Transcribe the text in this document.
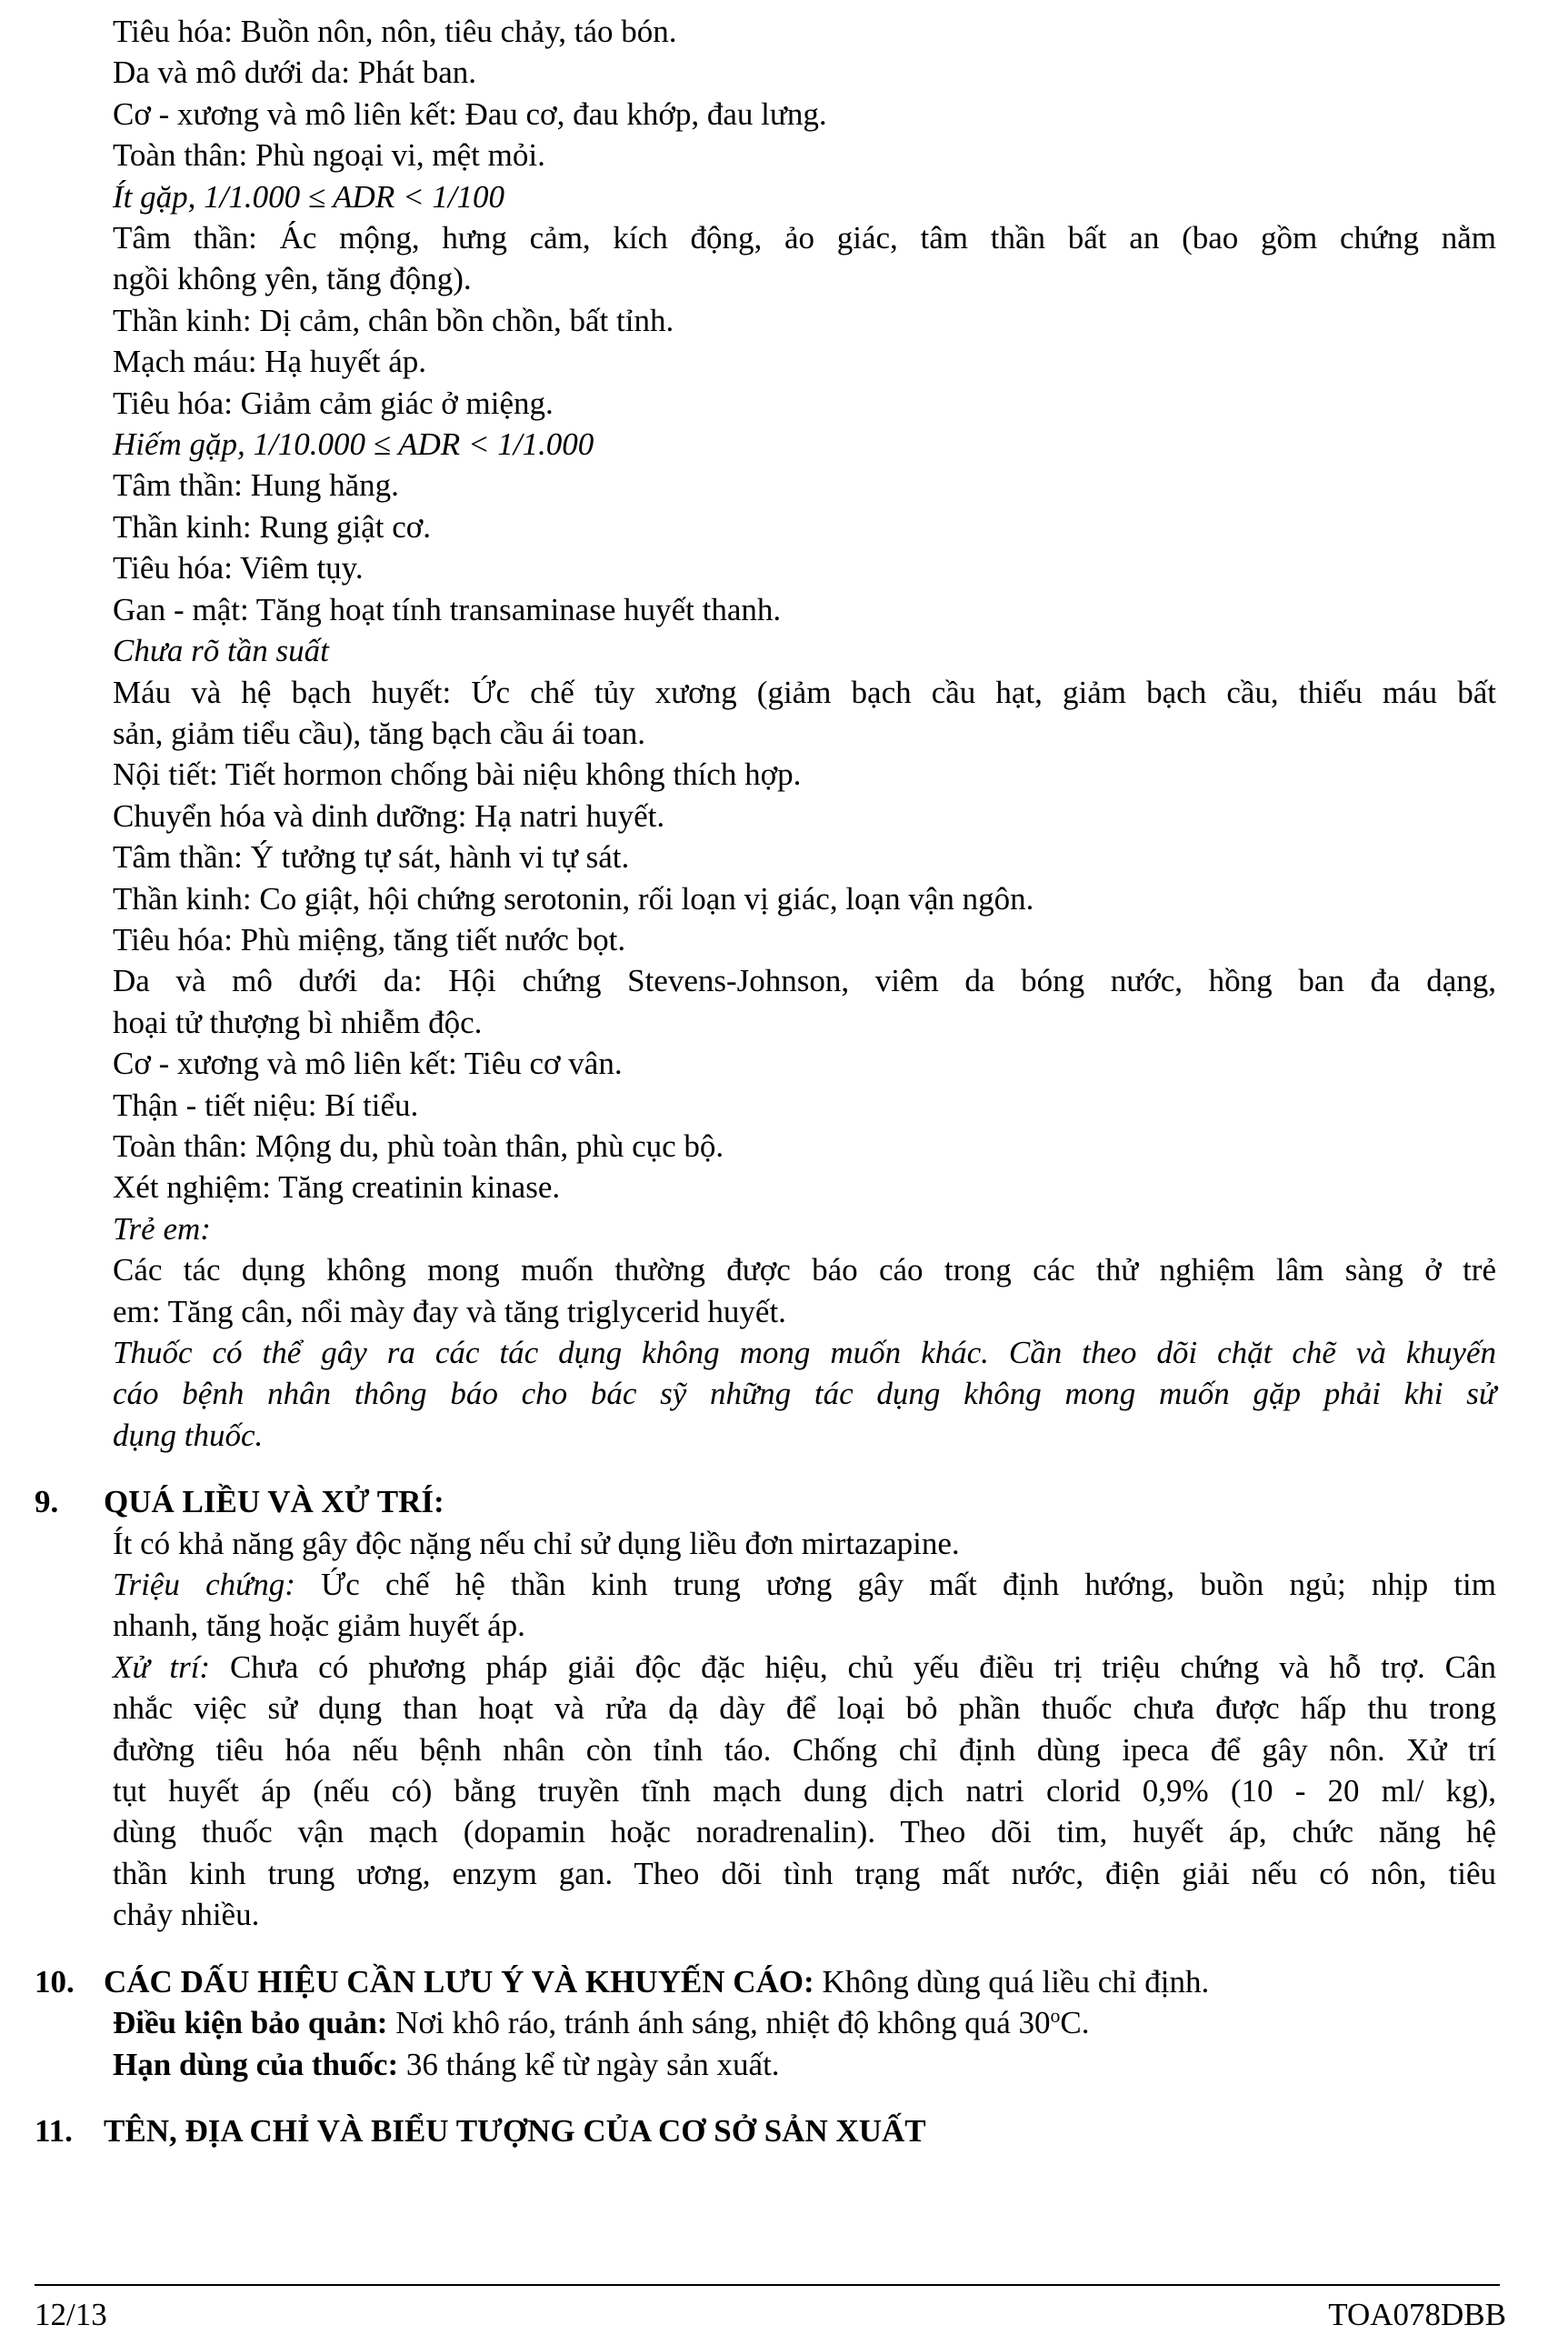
Tiêu hóa: Buồn nôn, nôn, tiêu chảy, táo bón.
Da và mô dưới da: Phát ban.
Cơ - xương và mô liên kết: Đau cơ, đau khớp, đau lưng.
Toàn thân: Phù ngoại vi, mệt mỏi.
Ít gặp, 1/1.000 ≤ ADR < 1/100
Tâm thần: Ác mộng, hưng cảm, kích động, ảo giác, tâm thần bất an (bao gồm chứng nằm
ngồi không yên, tăng động).
Thần kinh: Dị cảm, chân bồn chồn, bất tỉnh.
Mạch máu: Hạ huyết áp.
Tiêu hóa: Giảm cảm giác ở miệng.
Hiếm gặp, 1/10.000 ≤ ADR < 1/1.000
Tâm thần: Hung hăng.
Thần kinh: Rung giật cơ.
Tiêu hóa: Viêm tụy.
Gan - mật: Tăng hoạt tính transaminase huyết thanh.
Chưa rõ tần suất
Máu và hệ bạch huyết: Ức chế tủy xương (giảm bạch cầu hạt, giảm bạch cầu, thiếu máu bất
sản, giảm tiểu cầu), tăng bạch cầu ái toan.
Nội tiết: Tiết hormon chống bài niệu không thích hợp.
Chuyển hóa và dinh dưỡng: Hạ natri huyết.
Tâm thần: Ý tưởng tự sát, hành vi tự sát.
Thần kinh: Co giật, hội chứng serotonin, rối loạn vị giác, loạn vận ngôn.
Tiêu hóa: Phù miệng, tăng tiết nước bọt.
Da và mô dưới da: Hội chứng Stevens-Johnson, viêm da bóng nước, hồng ban đa dạng,
hoại tử thượng bì nhiễm độc.
Cơ - xương và mô liên kết: Tiêu cơ vân.
Thận - tiết niệu: Bí tiểu.
Toàn thân: Mộng du, phù toàn thân, phù cục bộ.
Xét nghiệm: Tăng creatinin kinase.
Trẻ em:
Các tác dụng không mong muốn thường được báo cáo trong các thử nghiệm lâm sàng ở trẻ
em: Tăng cân, nổi mày đay và tăng triglycerid huyết.
Thuốc có thể gây ra các tác dụng không mong muốn khác. Cần theo dõi chặt chẽ và khuyến
cáo bệnh nhân thông báo cho bác sỹ những tác dụng không mong muốn gặp phải khi sử
dụng thuốc.
9. QUÁ LIỀU VÀ XỬ TRÍ:
Ít có khả năng gây độc nặng nếu chỉ sử dụng liều đơn mirtazapine.
Triệu chứng: Ức chế hệ thần kinh trung ương gây mất định hướng, buồn ngủ; nhịp tim
nhanh, tăng hoặc giảm huyết áp.
Xử trí: Chưa có phương pháp giải độc đặc hiệu, chủ yếu điều trị triệu chứng và hỗ trợ. Cân
nhắc việc sử dụng than hoạt và rửa dạ dày để loại bỏ phần thuốc chưa được hấp thu trong
đường tiêu hóa nếu bệnh nhân còn tỉnh táo. Chống chỉ định dùng ipeca để gây nôn. Xử trí
tụt huyết áp (nếu có) bằng truyền tĩnh mạch dung dịch natri clorid 0,9% (10 - 20 ml/ kg),
dùng thuốc vận mạch (dopamin hoặc noradrenalin). Theo dõi tim, huyết áp, chức năng hệ
thần kinh trung ương, enzym gan. Theo dõi tình trạng mất nước, điện giải nếu có nôn, tiêu
chảy nhiều.
10. CÁC DẤU HIỆU CẦN LƯU Ý VÀ KHUYẾN CÁO: Không dùng quá liều chỉ định.
Điều kiện bảo quản: Nơi khô ráo, tránh ánh sáng, nhiệt độ không quá 30$^o$C.
Hạn dùng của thuốc: 36 tháng kể từ ngày sản xuất.
11. TÊN, ĐỊA CHỈ VÀ BIỂU TƯỢNG CỦA CƠ SỞ SẢN XUẤT
12/13	TOA078DBB
